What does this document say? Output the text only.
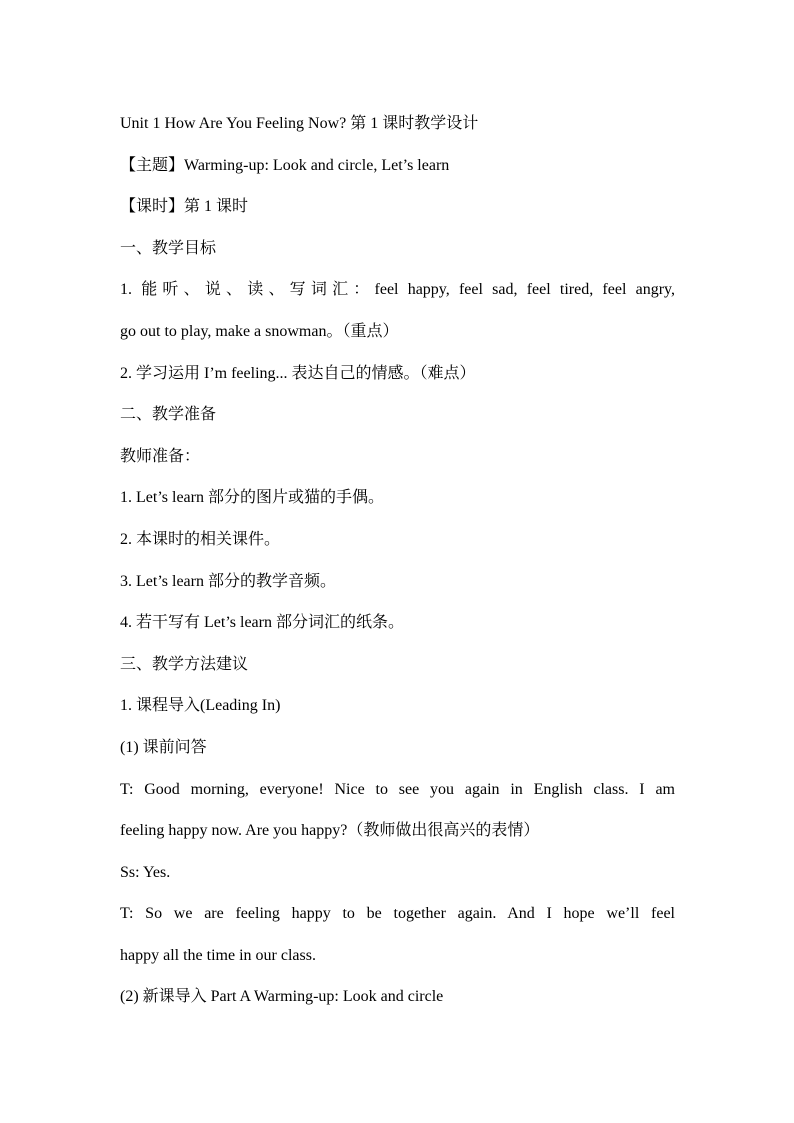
Unit 1 How Are You Feeling Now? 第 1 课时教学设计
【主题】Warming-up: Look and circle, Let’s learn
【课时】第 1 课时
一、教学目标
1. 能听、说、读、写词汇：feel happy, feel sad, feel tired, feel angry,
go out to play, make a snowman。（重点）
2. 学习运用 I’m feeling... 表达自己的情感。（难点）
二、教学准备
教师准备：
1. Let’s learn 部分的图片或猫的手偶。
2. 本课时的相关课件。
3. Let’s learn 部分的教学音频。
4. 若干写有 Let’s learn 部分词汇的纸条。
三、教学方法建议
1. 课程导入(Leading In)
(1) 课前问答
T: Good morning, everyone! Nice to see you again in English class. I am
feeling happy now. Are you happy?（教师做出很高兴的表情）
Ss: Yes.
T: So we are feeling happy to be together again. And I hope we’ll feel
happy all the time in our class.
(2) 新课导入 Part A Warming-up: Look and circle
